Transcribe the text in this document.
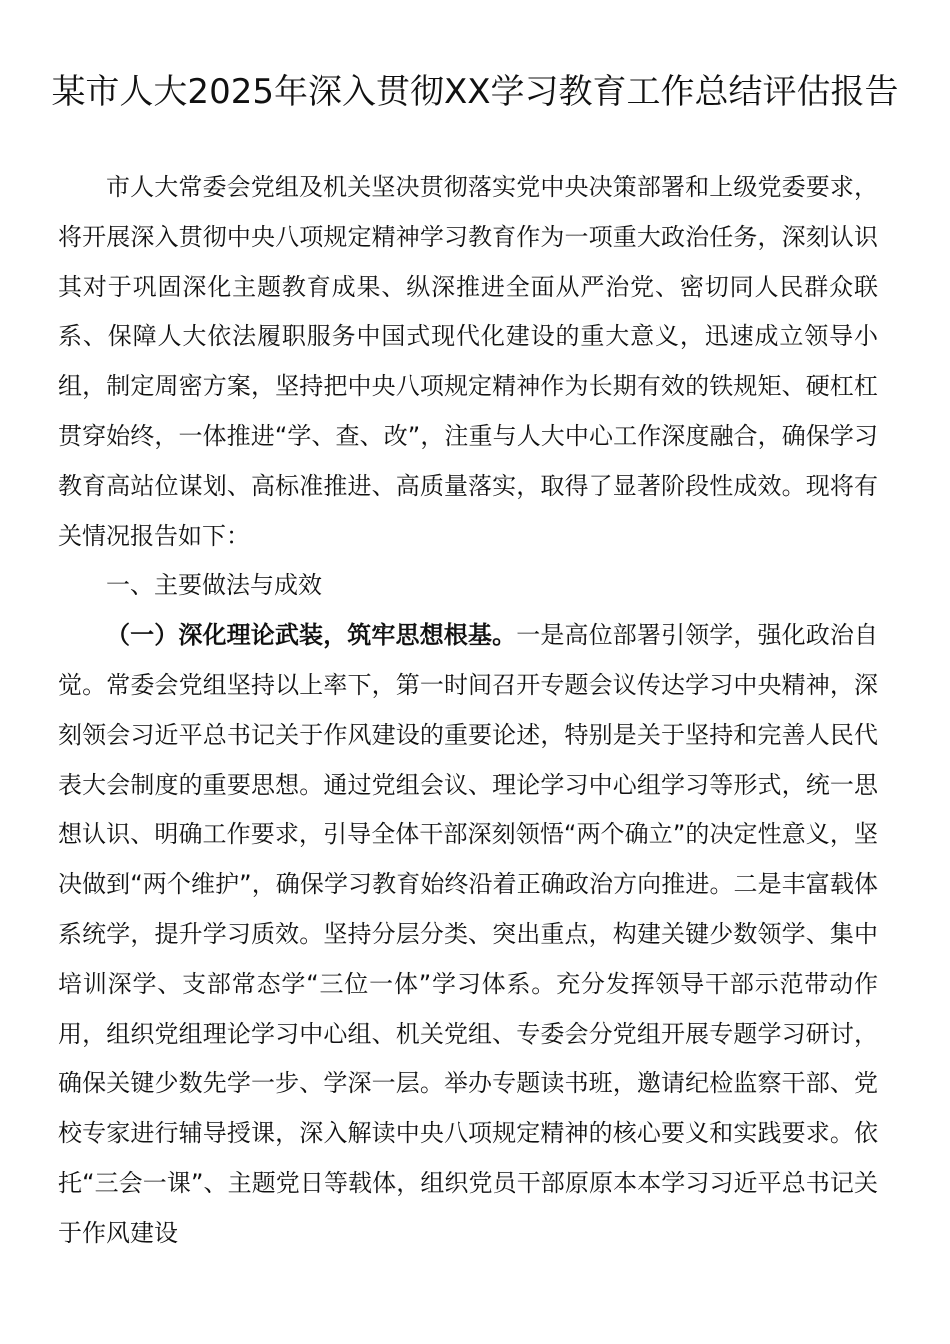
某市人大2025年深入贯彻XX学习教育工作总结评估报告

市人大常委会党组及机关坚决贯彻落实党中央决策部署和上级党委要求，将开展深入贯彻中央八项规定精神学习教育作为一项重大政治任务，深刻认识其对于巩固深化主题教育成果、纵深推进全面从严治党、密切同人民群众联系、保障人大依法履职服务中国式现代化建设的重大意义，迅速成立领导小组，制定周密方案，坚持把中央八项规定精神作为长期有效的铁规矩、硬杠杠贯穿始终，一体推进“学、查、改”，注重与人大中心工作深度融合，确保学习教育高站位谋划、高标准推进、高质量落实，取得了显著阶段性成效。现将有关情况报告如下：

一、主要做法与成效

（一）深化理论武装，筑牢思想根基。一是高位部署引领学，强化政治自觉。常委会党组坚持以上率下，第一时间召开专题会议传达学习中央精神，深刻领会习近平总书记关于作风建设的重要论述，特别是关于坚持和完善人民代表大会制度的重要思想。通过党组会议、理论学习中心组学习等形式，统一思想认识、明确工作要求，引导全体干部深刻领悟“两个确立”的决定性意义，坚决做到“两个维护”，确保学习教育始终沿着正确政治方向推进。二是丰富载体系统学，提升学习质效。坚持分层分类、突出重点，构建关键少数领学、集中培训深学、支部常态学“三位一体”学习体系。充分发挥领导干部示范带动作用，组织党组理论学习中心组、机关党组、专委会分党组开展专题学习研讨，确保关键少数先学一步、学深一层。举办专题读书班，邀请纪检监察干部、党校专家进行辅导授课，深入解读中央八项规定精神的核心要义和实践要求。依托“三会一课”、主题党日等载体，组织党员干部原原本本学习习近平总书记关于作风建设
